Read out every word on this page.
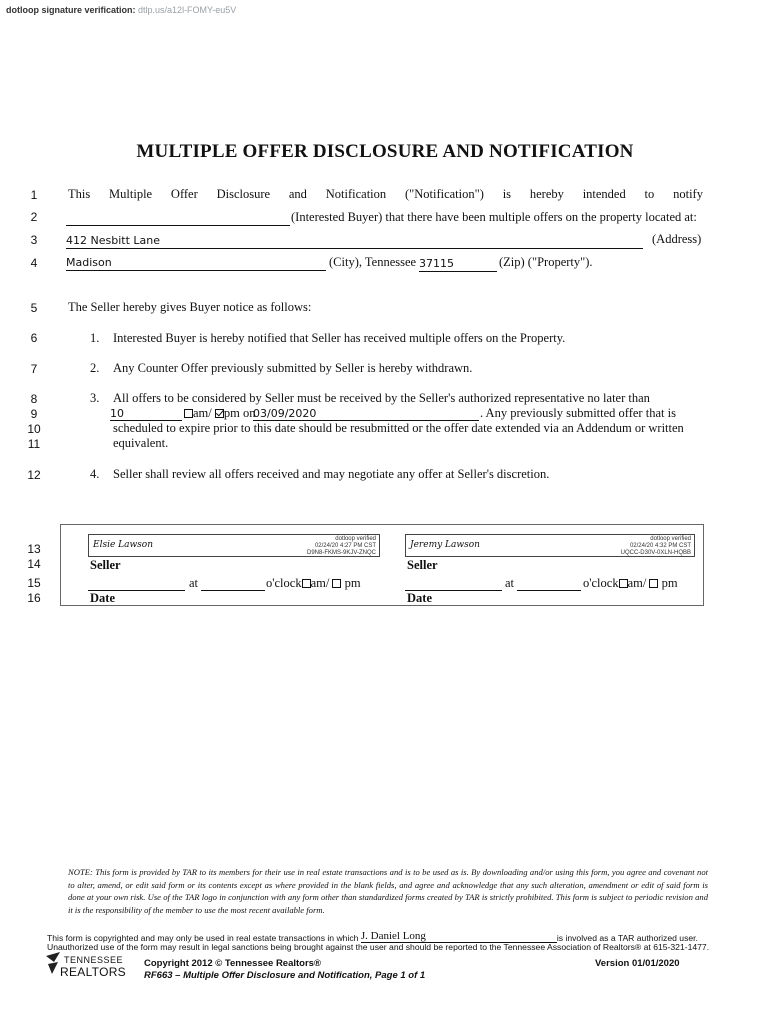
dotloop signature verification: dtlp.us/a12l-FOMY-eu5V
MULTIPLE OFFER DISCLOSURE AND NOTIFICATION
1
2
3
4
5
6
7
8
9
10
11
12
13
14
15
16
This Multiple Offer Disclosure and Notification ("Notification") is hereby intended to notify
(Interested Buyer) that there have been multiple offers on the property located at:
412 Nesbitt Lane	(Address)
Madison	(City), Tennessee 37115	(Zip) ("Property").
The Seller hereby gives Buyer notice as follows:
1. Interested Buyer is hereby notified that Seller has received multiple offers on the Property.
2. Any Counter Offer previously submitted by Seller is hereby withdrawn.
3. All offers to be considered by Seller must be received by the Seller's authorized representative no later than
10	am/ pm on
03/09/2020	. Any previously submitted offer that is
scheduled to expire prior to this date should be resubmitted or the offer date extended via an Addendum or written
equivalent.
4. Seller shall review all offers received and may negotiate any offer at Seller's discretion.
Elsie Lawson
dotloop verified
02/24/20 4:27 PM CST
D9N8-FKMS-9KJV-ZNQC
Seller
at	o'clock am/ pm
Date
Jeremy Lawson
dotloop verified
02/24/20 4:32 PM CST
UQCC-D30V-0XLN-HQBB
Seller
at	o'clock am/ pm
Date
NOTE: This form is provided by TAR to its members for their use in real estate transactions and is to be used as is. By downloading and/or using this form, you agree and covenant not to alter, amend, or edit said form or its contents except as where provided in the blank fields, and agree and acknowledge that any such alteration, amendment or edit of said form is done at your own risk. Use of the TAR logo in conjunction with any form other than standardized forms created by TAR is strictly prohibited. This form is subject to periodic revision and it is the responsibility of the member to use the most recent available form.
This form is copyrighted and may only be used in real estate transactions in which J. Daniel Long	is involved as a TAR authorized user.
Unauthorized use of the form may result in legal sanctions being brought against the user and should be reported to the Tennessee Association of Realtors® at 615-321-1477.
TENNESSEE
REALTORS
Copyright 2012 © Tennessee Realtors®
RF663 – Multiple Offer Disclosure and Notification, Page 1 of 1
Version 01/01/2020
